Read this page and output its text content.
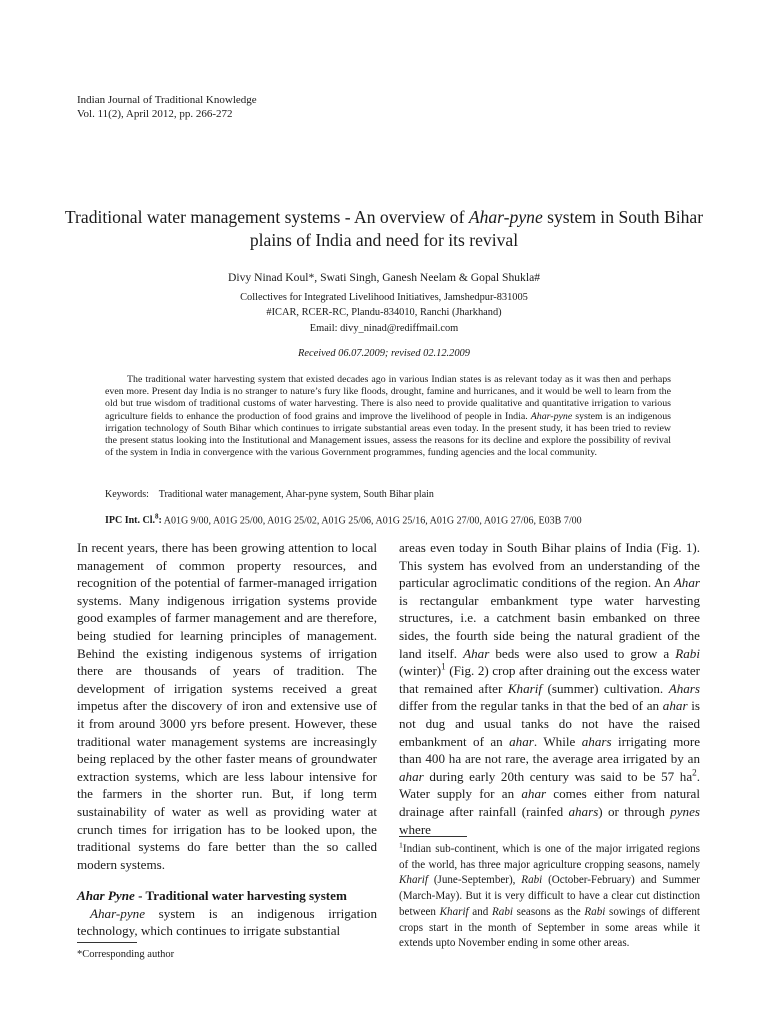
Indian Journal of Traditional Knowledge
Vol. 11(2), April 2012, pp. 266-272
Traditional water management systems - An overview of Ahar-pyne system in South Bihar plains of India and need for its revival
Divy Ninad Koul*, Swati Singh, Ganesh Neelam & Gopal Shukla#
Collectives for Integrated Livelihood Initiatives, Jamshedpur-831005
#ICAR, RCER-RC, Plandu-834010, Ranchi (Jharkhand)
Email: divy_ninad@rediffmail.com
Received 06.07.2009; revised 02.12.2009
The traditional water harvesting system that existed decades ago in various Indian states is as relevant today as it was then and perhaps even more. Present day India is no stranger to nature’s fury like floods, drought, famine and hurricanes, and it would be well to learn from the old but true wisdom of traditional customs of water harvesting. There is also need to provide qualitative and quantitative irrigation to various agriculture fields to enhance the production of food grains and improve the livelihood of people in India. Ahar-pyne system is an indigenous irrigation technology of South Bihar which continues to irrigate substantial areas even today. In the present study, it has been tried to review the present status looking into the Institutional and Management issues, assess the reasons for its decline and explore the possibility of revival of the system in India in convergence with the various Government programmes, funding agencies and the local community.
Keywords: Traditional water management, Ahar-pyne system, South Bihar plain
IPC Int. Cl.$^8$: A01G 9/00, A01G 25/00, A01G 25/02, A01G 25/06, A01G 25/16, A01G 27/00, A01G 27/06, E03B 7/00

In recent years, there has been growing attention to local management of common property resources, and recognition of the potential of farmer-managed irrigation systems. Many indigenous irrigation systems provide good examples of farmer management and are therefore, being studied for learning principles of management. Behind the existing indigenous systems of irrigation there are thousands of years of tradition. The development of irrigation systems received a great impetus after the discovery of iron and extensive use of it from around 3000 yrs before present. However, these traditional water management systems are increasingly being replaced by the other faster means of groundwater extraction systems, which are less labour intensive for the farmers in the shorter run. But, if long term sustainability of water as well as providing water at crunch times for irrigation has to be looked upon, the traditional systems do fare better than the so called modern systems.

Ahar Pyne - Traditional water harvesting system

Ahar-pyne system is an indigenous irrigation technology, which continues to irrigate substantial

areas even today in South Bihar plains of India (Fig. 1). This system has evolved from an understanding of the particular agroclimatic conditions of the region. An Ahar is rectangular embankment type water harvesting structures, i.e. a catchment basin embanked on three sides, the fourth side being the natural gradient of the land itself. Ahar beds were also used to grow a Rabi (winter)$^1$ (Fig. 2) crop after draining out the excess water that remained after Kharif (summer) cultivation. Ahars differ from the regular tanks in that the bed of an ahar is not dug and usual tanks do not have the raised embankment of an ahar. While ahars irrigating more than 400 ha are not rare, the average area irrigated by an ahar during early 20th century was said to be 57 $ha^2$. Water supply for an ahar comes either from natural drainage after rainfall (rainfed ahars) or through pynes where

*Corresponding author
$^1$Indian sub-continent, which is one of the major irrigated regions of the world, has three major agriculture cropping seasons, namely Kharif (June-September), Rabi (October-February) and Summer (March-May). But it is very difficult to have a clear cut distinction between Kharif and Rabi seasons as the Rabi sowings of different crops start in the month of September in some areas while it extends upto November ending in some other areas.
